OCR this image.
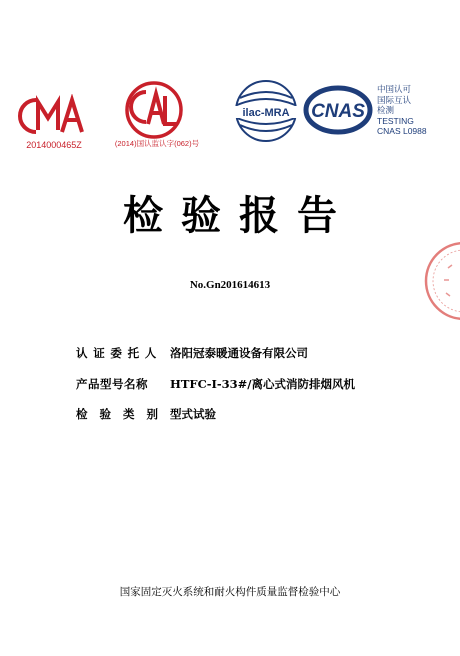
2014000465Z	(2014)国认监认字(062)号
ilac-MRA CNAS
中国认可
国际互认
检测
TESTING
CNAS L0988
检验报告
No.Gn201614613
认证委托人 洛阳冠泰暖通设备有限公司
产品型号名称 HTFC-Ⅰ-33#/离心式消防排烟风机
检验类别 型式试验
国家固定灭火系统和耐火构件质量监督检验中心
